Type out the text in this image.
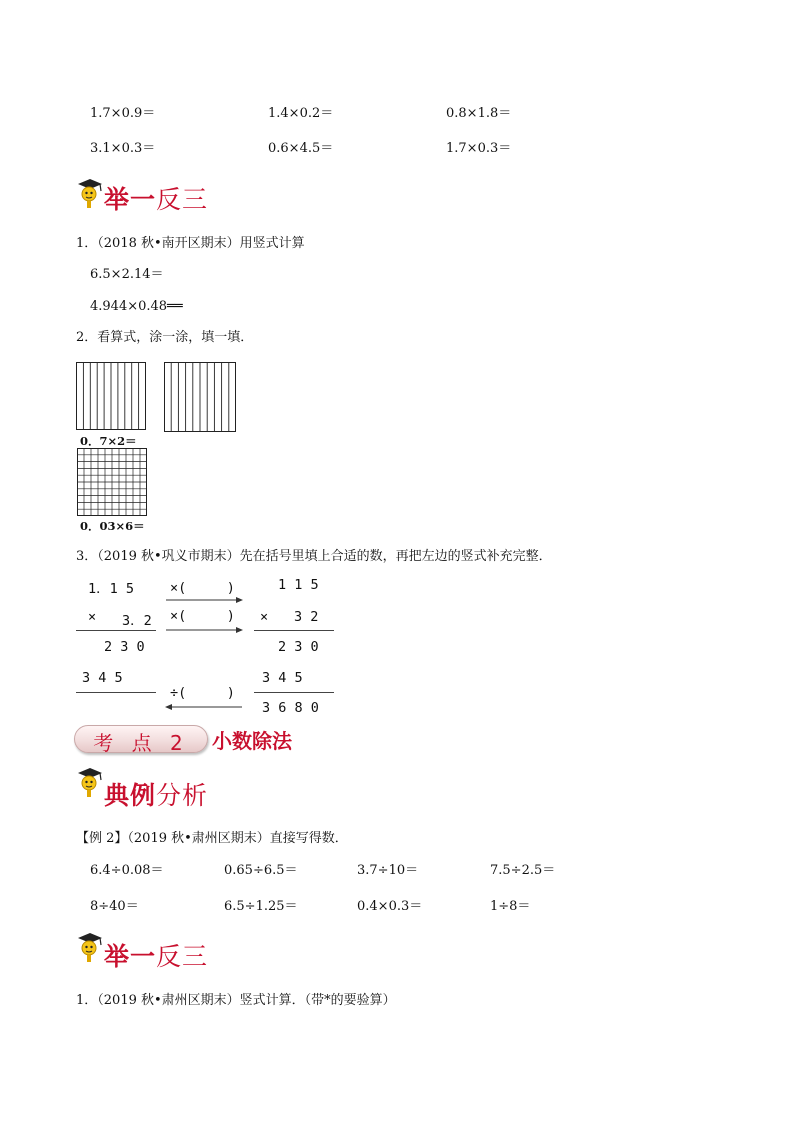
1.7×0.9＝	1.4×0.2＝	0.8×1.8＝
3.1×0.3＝	0.6×4.5＝	1.7×0.3＝
举一反三
1．（2018 秋•南开区期末）用竖式计算
6.5×2.14＝
4.944×0.48══
2．看算式，涂一涂，填一填．
0．7×2＝
0．03×6＝
3．（2019 秋•巩义市期末）先在括号里填上合适的数，再把左边的竖式补充完整．
1．1 5
× 3．2
2 3 0
3 4 5
×(　　　)
×(　　　)
÷(　　　)
1 1 5
× 3 2
2 3 0
3 4 5
3 6 8 0
考 点 2	小数除法
典例分析
【例 2】（2019 秋•肃州区期末）直接写得数．
6.4÷0.08＝	0.65÷6.5＝	3.7÷10＝	7.5÷2.5＝
8÷40＝	6.5÷1.25＝	0.4×0.3＝	1÷8＝
举一反三
1．（2019 秋•肃州区期末）竖式计算．（带*的要验算）
